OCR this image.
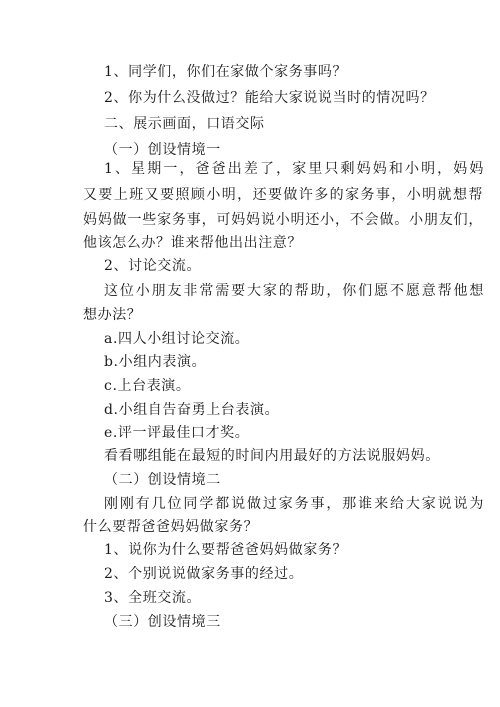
1、同学们，你们在家做个家务事吗？
2、你为什么没做过？能给大家说说当时的情况吗？
二、展示画面，口语交际
（一）创设情境一
1、星期一，爸爸出差了，家里只剩妈妈和小明，妈妈
又要上班又要照顾小明，还要做许多的家务事，小明就想帮
妈妈做一些家务事，可妈妈说小明还小，不会做。小朋友们，
他该怎么办？谁来帮他出出注意？
2、讨论交流。
这位小朋友非常需要大家的帮助，你们愿不愿意帮他想
想办法？
a.四人小组讨论交流。
b.小组内表演。
c.上台表演。
d.小组自告奋勇上台表演。
e.评一评最佳口才奖。
看看哪组能在最短的时间内用最好的方法说服妈妈。
（二）创设情境二
刚刚有几位同学都说做过家务事，那谁来给大家说说为
什么要帮爸爸妈妈做家务？
1、说你为什么要帮爸爸妈妈做家务？
2、个别说说做家务事的经过。
3、全班交流。
（三）创设情境三
